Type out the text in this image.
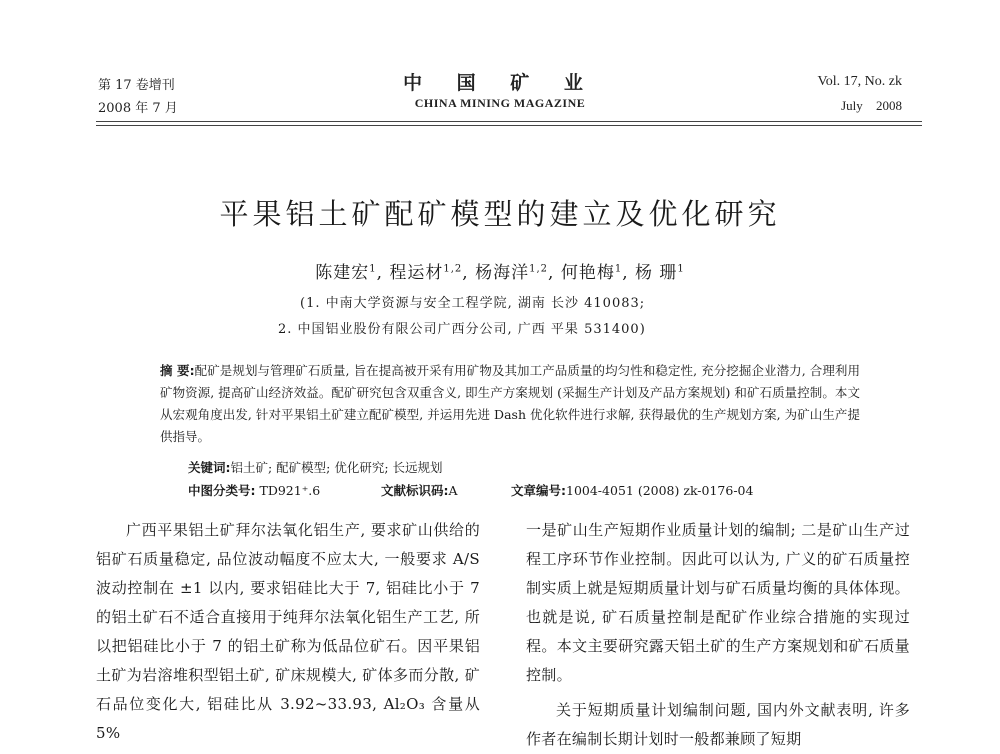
第 17 卷增刊
2008 年 7 月
中 国 矿 业
CHINA MINING MAGAZINE
Vol. 17, No. zk
July 2008
平果铝土矿配矿模型的建立及优化研究
陈建宏$^1$, 程运材$^{1,2}$, 杨海洋$^{1,2}$, 何艳梅$^1$, 杨 珊$^1$
(1. 中南大学资源与安全工程学院, 湖南 长沙 410083;
2. 中国铝业股份有限公司广西分公司, 广西 平果 531400)
摘 要:配矿是规划与管理矿石质量, 旨在提高被开采有用矿物及其加工产品质量的均匀性和稳定性, 充分挖掘企业潜力, 合理利用矿物资源, 提高矿山经济效益。配矿研究包含双重含义, 即生产方案规划 (采掘生产计划及产品方案规划) 和矿石质量控制。本文从宏观角度出发, 针对平果铝土矿建立配矿模型, 并运用先进 Dash 优化软件进行求解, 获得最优的生产规划方案, 为矿山生产提供指导。
关键词:铝土矿; 配矿模型; 优化研究; 长远规划
中图分类号: TD921⁺.6	文献标识码:A	文章编号:1004-4051 (2008) zk-0176-04

广西平果铝土矿拜尔法氧化铝生产, 要求矿山供给的铝矿石质量稳定, 品位波动幅度不应太大, 一般要求 A/S 波动控制在 ±1 以内, 要求铝硅比大于 7, 铝硅比小于 7 的铝土矿石不适合直接用于纯拜尔法氧化铝生产工艺, 所以把铝硅比小于 7 的铝土矿称为低品位矿石。因平果铝土矿为岩溶堆积型铝土矿, 矿床规模大, 矿体多而分散, 矿石品位变化大, 铝硅比从 3.92~33.93, Al₂O₃ 含量从 5%

一是矿山生产短期作业质量计划的编制; 二是矿山生产过程工序环节作业控制。因此可以认为, 广义的矿石质量控制实质上就是短期质量计划与矿石质量均衡的具体体现。也就是说, 矿石质量控制是配矿作业综合措施的实现过程。本文主要研究露天铝土矿的生产方案规划和矿石质量控制。

关于短期质量计划编制问题, 国内外文献表明, 许多作者在编制长期计划时一般都兼顾了短期
